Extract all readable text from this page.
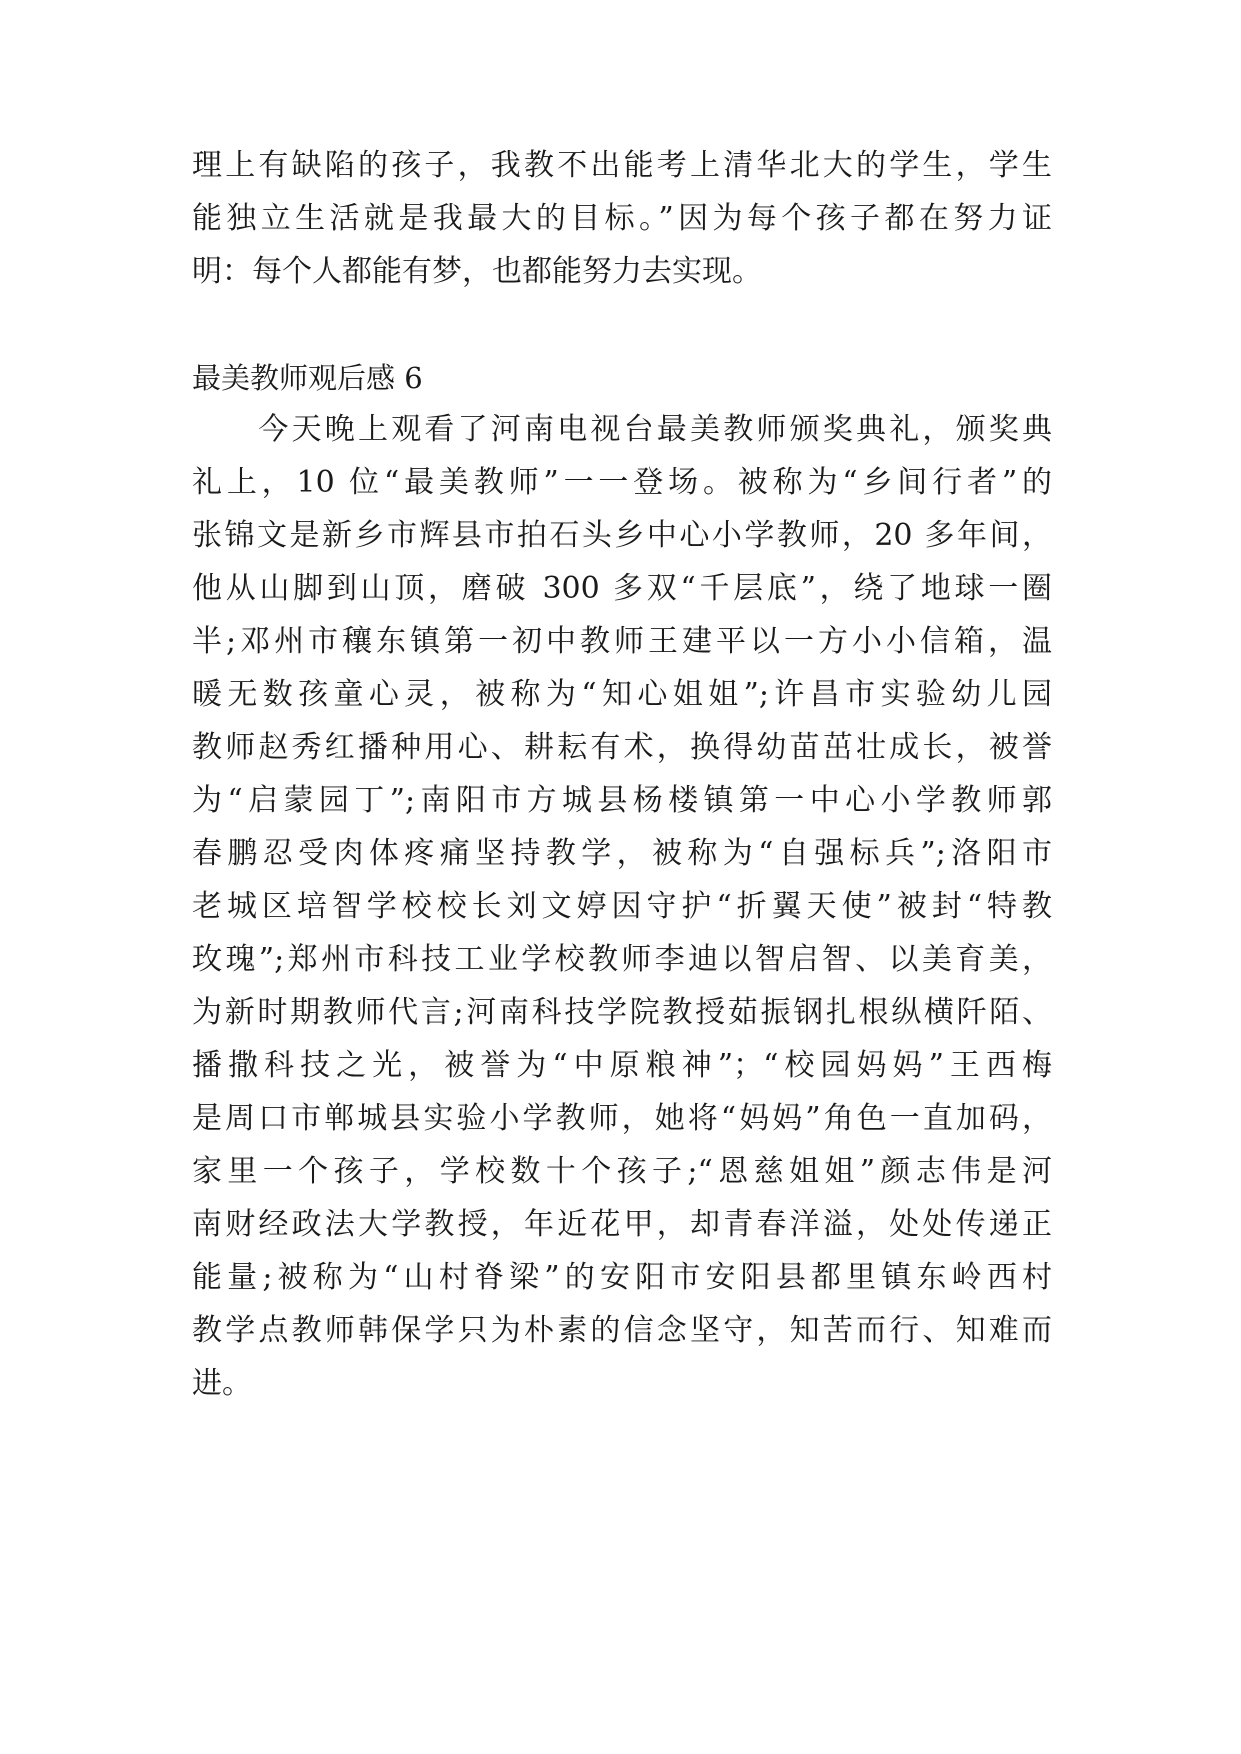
理上有缺陷的孩子，我教不出能考上清华北大的学生，学生
能独立生活就是我最大的目标。”因为每个孩子都在努力证
明：每个人都能有梦，也都能努力去实现。
最美教师观后感 6
　　今天晚上观看了河南电视台最美教师颁奖典礼，颁奖典
礼上，10 位“最美教师”一一登场。被称为“乡间行者”的
张锦文是新乡市辉县市拍石头乡中心小学教师，20 多年间，
他从山脚到山顶，磨破 300 多双“千层底”，绕了地球一圈
半;邓州市穰东镇第一初中教师王建平以一方小小信箱，温
暖无数孩童心灵，被称为“知心姐姐”;许昌市实验幼儿园
教师赵秀红播种用心、耕耘有术，换得幼苗茁壮成长，被誉
为“启蒙园丁”;南阳市方城县杨楼镇第一中心小学教师郭
春鹏忍受肉体疼痛坚持教学，被称为“自强标兵”;洛阳市
老城区培智学校校长刘文婷因守护“折翼天使”被封“特教
玫瑰”;郑州市科技工业学校教师李迪以智启智、以美育美，
为新时期教师代言;河南科技学院教授茹振钢扎根纵横阡陌、
播撒科技之光，被誉为“中原粮神”；“校园妈妈”王西梅
是周口市郸城县实验小学教师，她将“妈妈”角色一直加码，
家里一个孩子，学校数十个孩子;“恩慈姐姐”颜志伟是河
南财经政法大学教授，年近花甲，却青春洋溢，处处传递正
能量;被称为“山村脊梁”的安阳市安阳县都里镇东岭西村
教学点教师韩保学只为朴素的信念坚守，知苦而行、知难而
进。
